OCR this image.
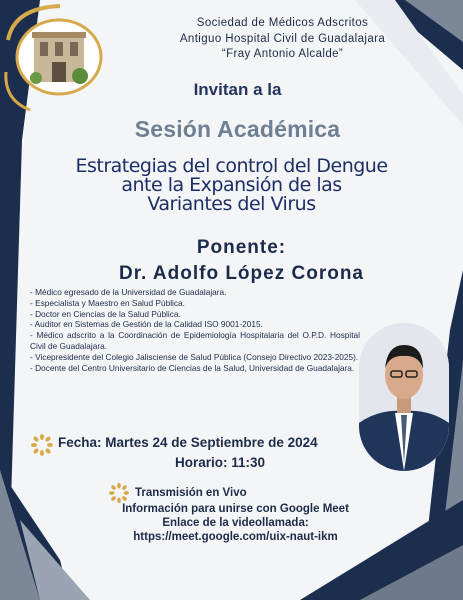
Sociedad de Médicos Adscritos
Antiguo Hospital Civil de Guadalajara
“Fray Antonio Alcalde”
Invitan a la
Sesión Académica
Estrategias del control del Dengue
ante la Expansión de las
Variantes del Virus
Ponente:
Dr. Adolfo López Corona
- Médico egresado de la Universidad de Guadalajara.
- Especialista y Maestro en Salud Pública.
- Doctor en Ciencias de la Salud Pública.
- Auditor en Sistemas de Gestión de la Calidad ISO 9001-2015.
- Médico adscrito a la Coordinación de Epidemiología Hospitalaria del O.P.D. Hospital Civil de Guadalajara.
- Vicepresidente del Colegio Jalisciense de Salud Pública (Consejo Directivo 2023-2025).
- Docente del Centro Universitario de Ciencias de la Salud, Universidad de Guadalajara.
Fecha: Martes 24 de Septiembre de 2024
Horario: 11:30
Transmisión en Vivo
Información para unirse con Google Meet
Enlace de la videollamada:
https://meet.google.com/uix-naut-ikm
